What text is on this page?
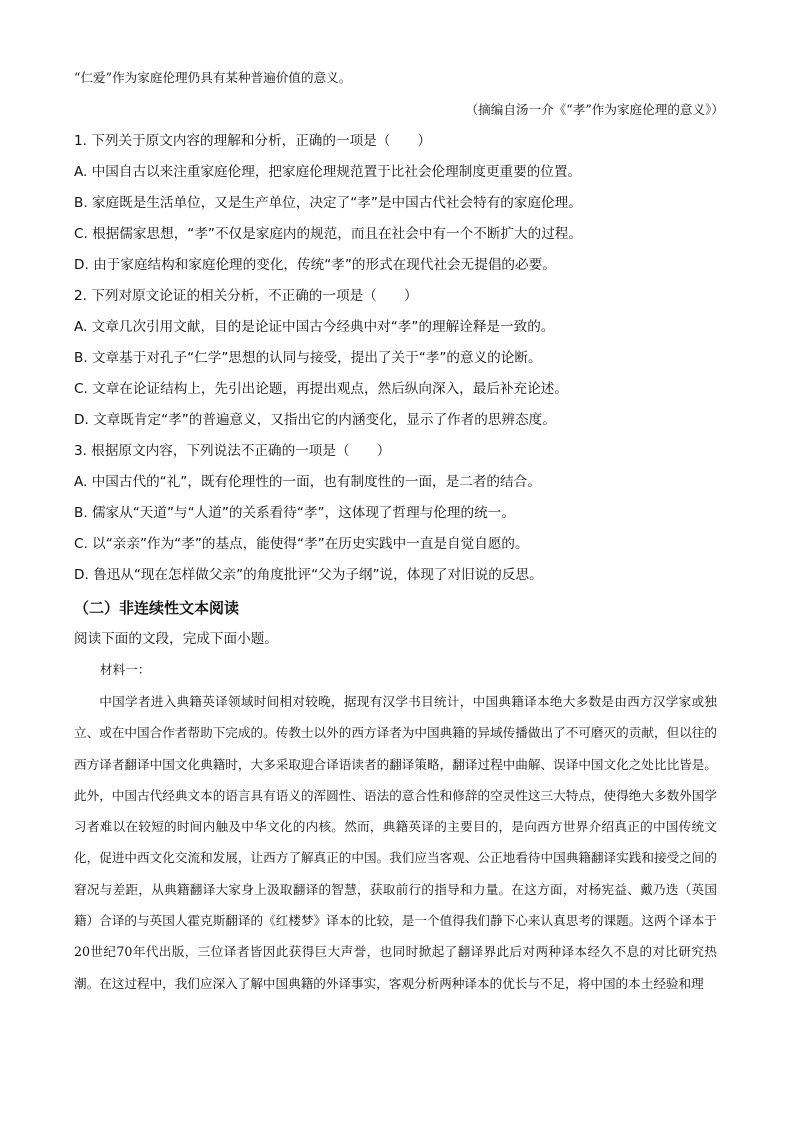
“仁爱”作为家庭伦理仍具有某种普遍价值的意义。
（摘编自汤一介《“孝”作为家庭伦理的意义》）
1. 下列关于原文内容的理解和分析，正确的一项是（　　）
A. 中国自古以来注重家庭伦理，把家庭伦理规范置于比社会伦理制度更重要的位置。
B. 家庭既是生活单位，又是生产单位，决定了“孝”是中国古代社会特有的家庭伦理。
C. 根据儒家思想，“孝”不仅是家庭内的规范，而且在社会中有一个不断扩大的过程。
D. 由于家庭结构和家庭伦理的变化，传统“孝”的形式在现代社会无提倡的必要。
2. 下列对原文论证的相关分析，不正确的一项是（　　）
A. 文章几次引用文献，目的是论证中国古今经典中对“孝”的理解诠释是一致的。
B. 文章基于对孔子“仁学”思想的认同与接受，提出了关于“孝”的意义的论断。
C. 文章在论证结构上，先引出论题，再提出观点，然后纵向深入，最后补充论述。
D. 文章既肯定“孝”的普遍意义，又指出它的内涵变化，显示了作者的思辨态度。
3. 根据原文内容，下列说法不正确的一项是（　　）
A. 中国古代的“礼”，既有伦理性的一面，也有制度性的一面，是二者的结合。
B. 儒家从“天道”与“人道”的关系看待“孝”，这体现了哲理与伦理的统一。
C. 以“亲亲”作为“孝”的基点，能使得“孝”在历史实践中一直是自觉自愿的。
D. 鲁迅从“现在怎样做父亲”的角度批评“父为子纲”说，体现了对旧说的反思。
（二）非连续性文本阅读
阅读下面的文段，完成下面小题。
材料一：
中国学者进入典籍英译领域时间相对较晚，据现有汉学书目统计，中国典籍译本绝大多数是由西方汉学家或独立、或在中国合作者帮助下完成的。传教士以外的西方译者为中国典籍的异域传播做出了不可磨灭的贡献，但以往的西方译者翻译中国文化典籍时，大多采取迎合译语读者的翻译策略，翻译过程中曲解、误译中国文化之处比比皆是。此外，中国古代经典文本的语言具有语义的浑圆性、语法的意合性和修辞的空灵性这三大特点，使得绝大多数外国学习者难以在较短的时间内触及中华文化的内核。然而，典籍英译的主要目的，是向西方世界介绍真正的中国传统文化，促进中西文化交流和发展，让西方了解真正的中国。我们应当客观、公正地看待中国典籍翻译实践和接受之间的窘况与差距，从典籍翻译大家身上汲取翻译的智慧，获取前行的指导和力量。在这方面，对杨宪益、戴乃迭（英国籍）合译的与英国人霍克斯翻译的《红楼梦》译本的比较，是一个值得我们静下心来认真思考的课题。这两个译本于20世纪70年代出版，三位译者皆因此获得巨大声誉，也同时掀起了翻译界此后对两种译本经久不息的对比研究热潮。在这过程中，我们应深入了解中国典籍的外译事实，客观分析两种译本的优长与不足，将中国的本土经验和理
